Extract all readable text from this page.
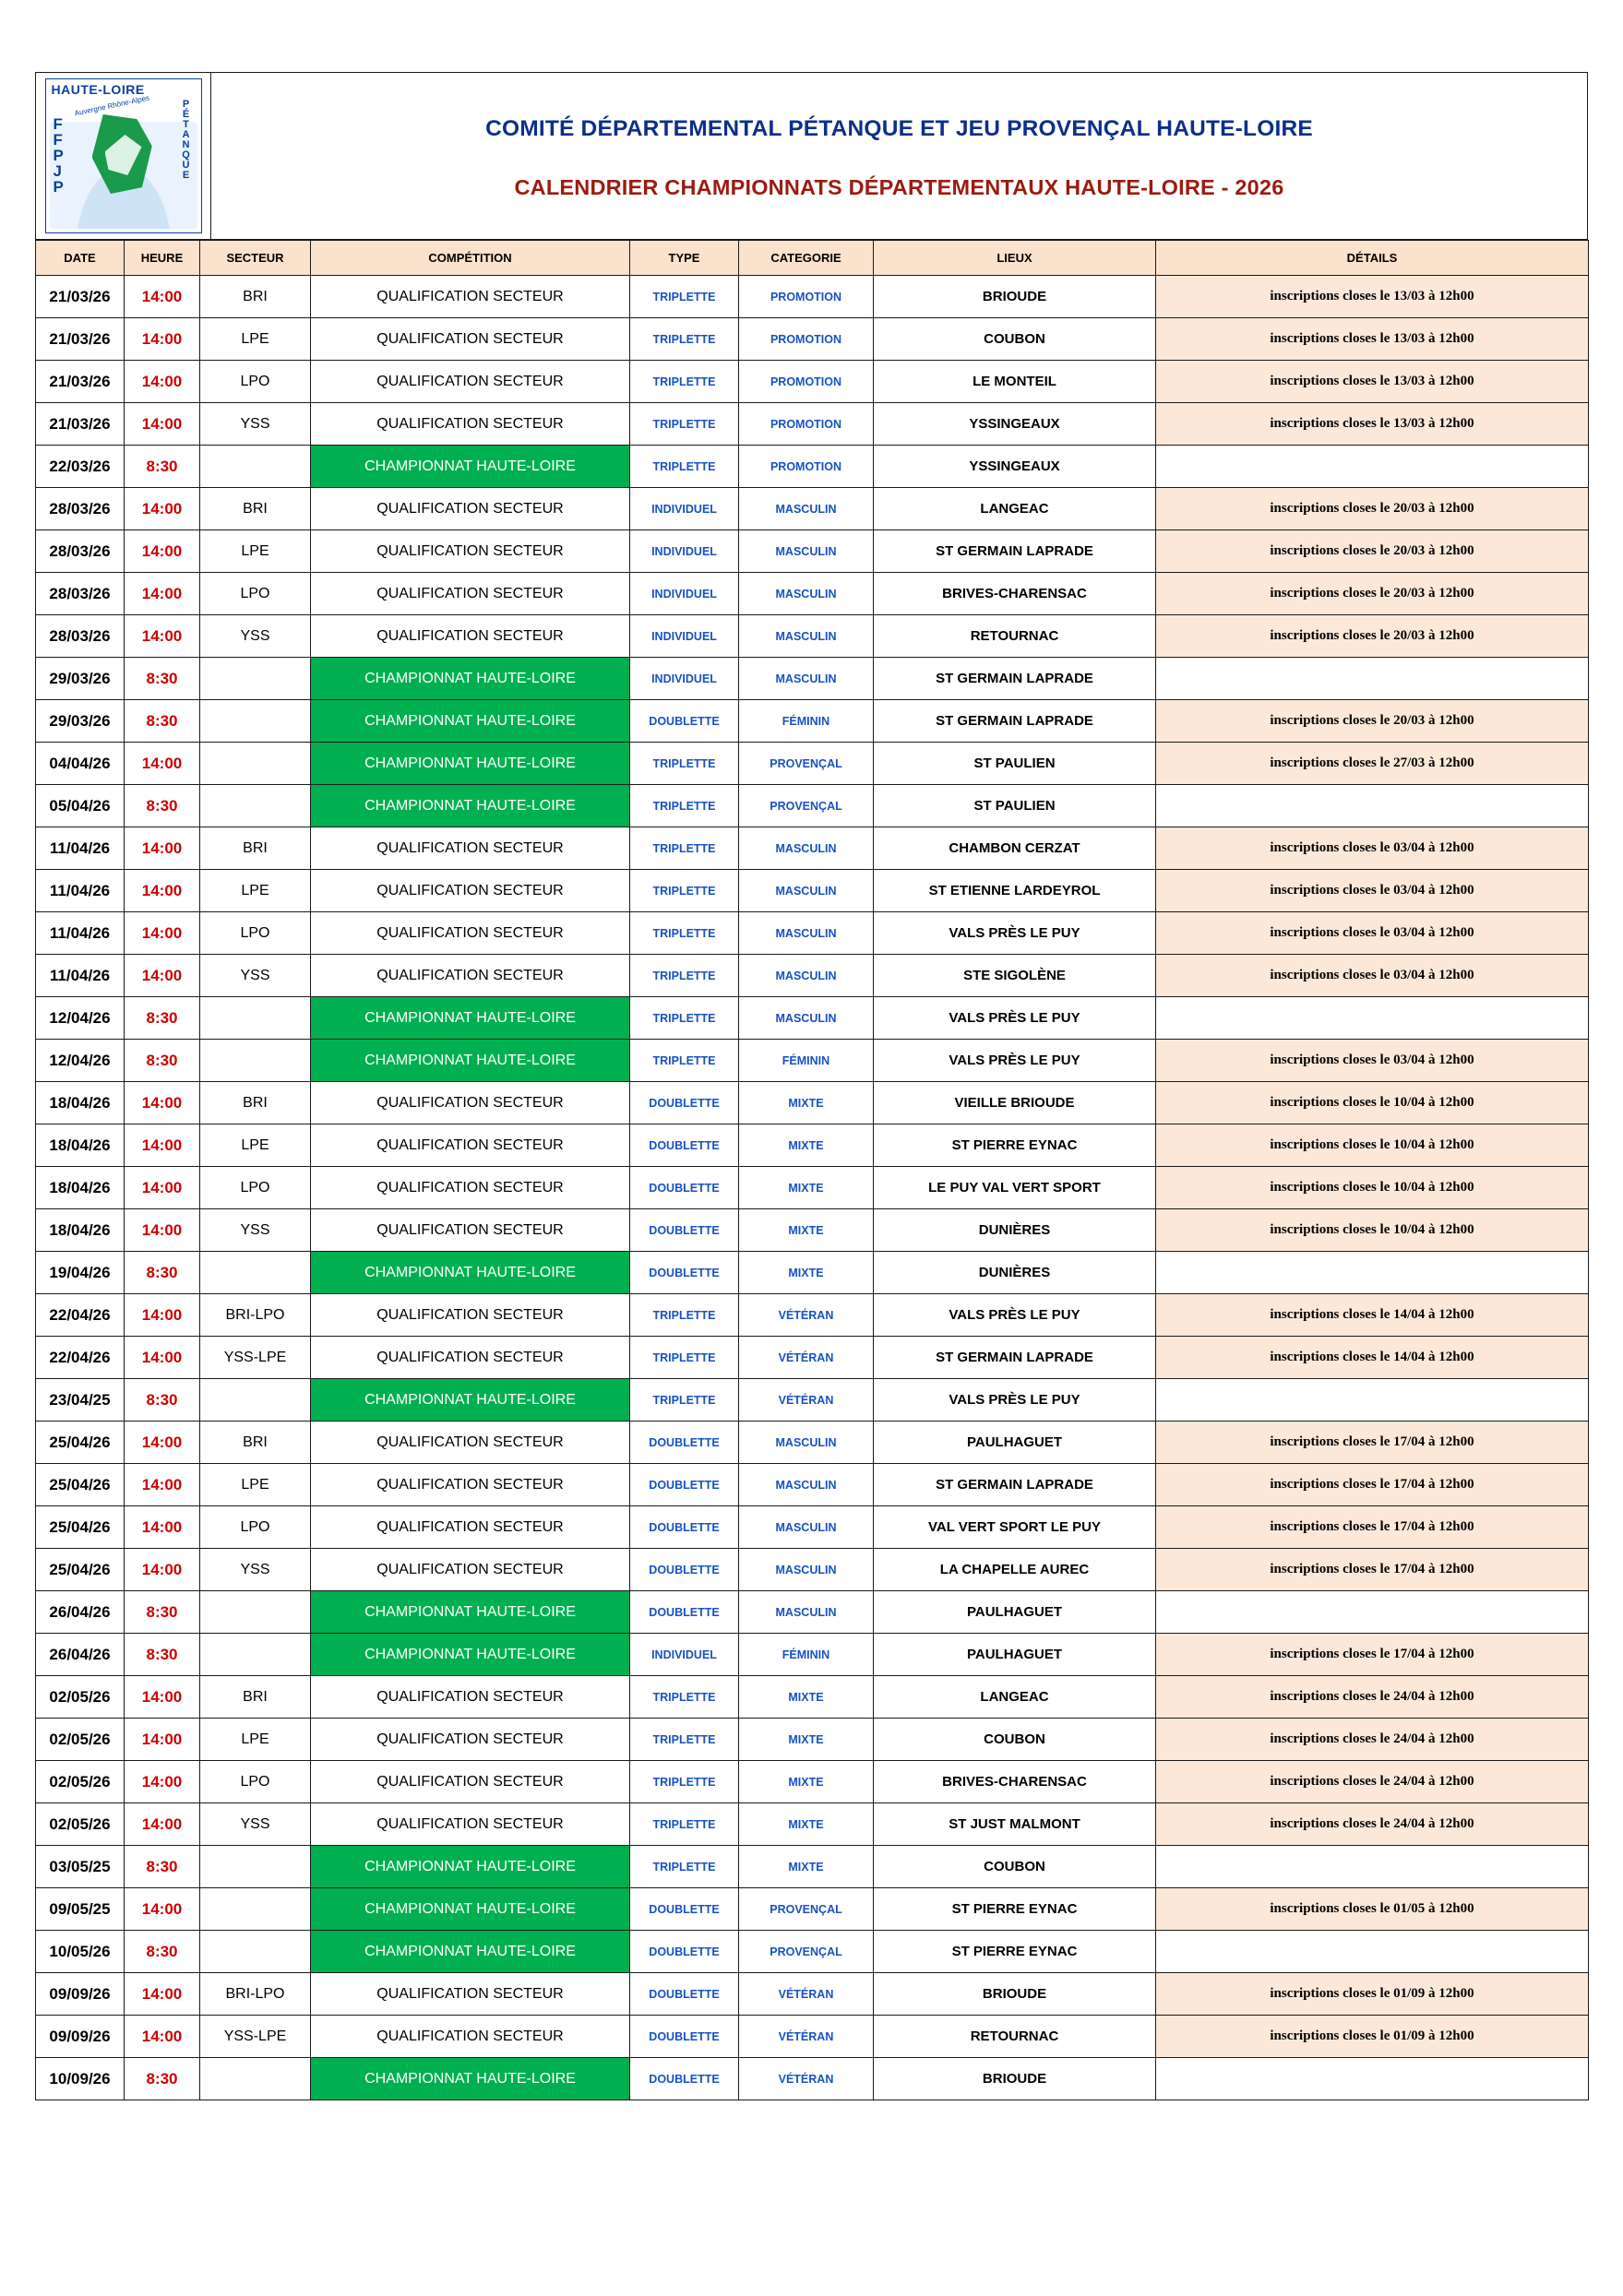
HAUTE-LOIRE
F
F
P
J
P
P
É
T
A
N
Q
U
E
Auvergne Rhône-Alpes
COMITÉ DÉPARTEMENTAL PÉTANQUE ET JEU PROVENÇAL HAUTE-LOIRE
CALENDRIER CHAMPIONNATS DÉPARTEMENTAUX HAUTE-LOIRE - 2026
DATE	HEURE	SECTEUR	COMPÉTITION	TYPE	CATEGORIE	LIEUX	DÉTAILS
21/03/26	14:00	BRI	QUALIFICATION SECTEUR	TRIPLETTE	PROMOTION	BRIOUDE	inscriptions closes le 13/03 à 12h00
21/03/26	14:00	LPE	QUALIFICATION SECTEUR	TRIPLETTE	PROMOTION	COUBON	inscriptions closes le 13/03 à 12h00
21/03/26	14:00	LPO	QUALIFICATION SECTEUR	TRIPLETTE	PROMOTION	LE MONTEIL	inscriptions closes le 13/03 à 12h00
21/03/26	14:00	YSS	QUALIFICATION SECTEUR	TRIPLETTE	PROMOTION	YSSINGEAUX	inscriptions closes le 13/03 à 12h00
22/03/26	8:30		CHAMPIONNAT HAUTE-LOIRE	TRIPLETTE	PROMOTION	YSSINGEAUX	
28/03/26	14:00	BRI	QUALIFICATION SECTEUR	INDIVIDUEL	MASCULIN	LANGEAC	inscriptions closes le 20/03 à 12h00
28/03/26	14:00	LPE	QUALIFICATION SECTEUR	INDIVIDUEL	MASCULIN	ST GERMAIN LAPRADE	inscriptions closes le 20/03 à 12h00
28/03/26	14:00	LPO	QUALIFICATION SECTEUR	INDIVIDUEL	MASCULIN	BRIVES-CHARENSAC	inscriptions closes le 20/03 à 12h00
28/03/26	14:00	YSS	QUALIFICATION SECTEUR	INDIVIDUEL	MASCULIN	RETOURNAC	inscriptions closes le 20/03 à 12h00
29/03/26	8:30		CHAMPIONNAT HAUTE-LOIRE	INDIVIDUEL	MASCULIN	ST GERMAIN LAPRADE	
29/03/26	8:30		CHAMPIONNAT HAUTE-LOIRE	DOUBLETTE	FÉMININ	ST GERMAIN LAPRADE	inscriptions closes le 20/03 à 12h00
04/04/26	14:00		CHAMPIONNAT HAUTE-LOIRE	TRIPLETTE	PROVENÇAL	ST PAULIEN	inscriptions closes le 27/03 à 12h00
05/04/26	8:30		CHAMPIONNAT HAUTE-LOIRE	TRIPLETTE	PROVENÇAL	ST PAULIEN	
11/04/26	14:00	BRI	QUALIFICATION SECTEUR	TRIPLETTE	MASCULIN	CHAMBON CERZAT	inscriptions closes le 03/04 à 12h00
11/04/26	14:00	LPE	QUALIFICATION SECTEUR	TRIPLETTE	MASCULIN	ST ETIENNE LARDEYROL	inscriptions closes le 03/04 à 12h00
11/04/26	14:00	LPO	QUALIFICATION SECTEUR	TRIPLETTE	MASCULIN	VALS PRÈS LE PUY	inscriptions closes le 03/04 à 12h00
11/04/26	14:00	YSS	QUALIFICATION SECTEUR	TRIPLETTE	MASCULIN	STE SIGOLÈNE	inscriptions closes le 03/04 à 12h00
12/04/26	8:30		CHAMPIONNAT HAUTE-LOIRE	TRIPLETTE	MASCULIN	VALS PRÈS LE PUY	
12/04/26	8:30		CHAMPIONNAT HAUTE-LOIRE	TRIPLETTE	FÉMININ	VALS PRÈS LE PUY	inscriptions closes le 03/04 à 12h00
18/04/26	14:00	BRI	QUALIFICATION SECTEUR	DOUBLETTE	MIXTE	VIEILLE BRIOUDE	inscriptions closes le 10/04 à 12h00
18/04/26	14:00	LPE	QUALIFICATION SECTEUR	DOUBLETTE	MIXTE	ST PIERRE EYNAC	inscriptions closes le 10/04 à 12h00
18/04/26	14:00	LPO	QUALIFICATION SECTEUR	DOUBLETTE	MIXTE	LE PUY VAL VERT SPORT	inscriptions closes le 10/04 à 12h00
18/04/26	14:00	YSS	QUALIFICATION SECTEUR	DOUBLETTE	MIXTE	DUNIÈRES	inscriptions closes le 10/04 à 12h00
19/04/26	8:30		CHAMPIONNAT HAUTE-LOIRE	DOUBLETTE	MIXTE	DUNIÈRES	
22/04/26	14:00	BRI-LPO	QUALIFICATION SECTEUR	TRIPLETTE	VÉTÉRAN	VALS PRÈS LE PUY	inscriptions closes le 14/04 à 12h00
22/04/26	14:00	YSS-LPE	QUALIFICATION SECTEUR	TRIPLETTE	VÉTÉRAN	ST GERMAIN LAPRADE	inscriptions closes le 14/04 à 12h00
23/04/25	8:30		CHAMPIONNAT HAUTE-LOIRE	TRIPLETTE	VÉTÉRAN	VALS PRÈS LE PUY	
25/04/26	14:00	BRI	QUALIFICATION SECTEUR	DOUBLETTE	MASCULIN	PAULHAGUET	inscriptions closes le 17/04 à 12h00
25/04/26	14:00	LPE	QUALIFICATION SECTEUR	DOUBLETTE	MASCULIN	ST GERMAIN LAPRADE	inscriptions closes le 17/04 à 12h00
25/04/26	14:00	LPO	QUALIFICATION SECTEUR	DOUBLETTE	MASCULIN	VAL VERT SPORT LE PUY	inscriptions closes le 17/04 à 12h00
25/04/26	14:00	YSS	QUALIFICATION SECTEUR	DOUBLETTE	MASCULIN	LA CHAPELLE AUREC	inscriptions closes le 17/04 à 12h00
26/04/26	8:30		CHAMPIONNAT HAUTE-LOIRE	DOUBLETTE	MASCULIN	PAULHAGUET	
26/04/26	8:30		CHAMPIONNAT HAUTE-LOIRE	INDIVIDUEL	FÉMININ	PAULHAGUET	inscriptions closes le 17/04 à 12h00
02/05/26	14:00	BRI	QUALIFICATION SECTEUR	TRIPLETTE	MIXTE	LANGEAC	inscriptions closes le 24/04 à 12h00
02/05/26	14:00	LPE	QUALIFICATION SECTEUR	TRIPLETTE	MIXTE	COUBON	inscriptions closes le 24/04 à 12h00
02/05/26	14:00	LPO	QUALIFICATION SECTEUR	TRIPLETTE	MIXTE	BRIVES-CHARENSAC	inscriptions closes le 24/04 à 12h00
02/05/26	14:00	YSS	QUALIFICATION SECTEUR	TRIPLETTE	MIXTE	ST JUST MALMONT	inscriptions closes le 24/04 à 12h00
03/05/25	8:30		CHAMPIONNAT HAUTE-LOIRE	TRIPLETTE	MIXTE	COUBON	
09/05/25	14:00		CHAMPIONNAT HAUTE-LOIRE	DOUBLETTE	PROVENÇAL	ST PIERRE EYNAC	inscriptions closes le 01/05 à 12h00
10/05/26	8:30		CHAMPIONNAT HAUTE-LOIRE	DOUBLETTE	PROVENÇAL	ST PIERRE EYNAC	
09/09/26	14:00	BRI-LPO	QUALIFICATION SECTEUR	DOUBLETTE	VÉTÉRAN	BRIOUDE	inscriptions closes le 01/09 à 12h00
09/09/26	14:00	YSS-LPE	QUALIFICATION SECTEUR	DOUBLETTE	VÉTÉRAN	RETOURNAC	inscriptions closes le 01/09 à 12h00
10/09/26	8:30		CHAMPIONNAT HAUTE-LOIRE	DOUBLETTE	VÉTÉRAN	BRIOUDE	
